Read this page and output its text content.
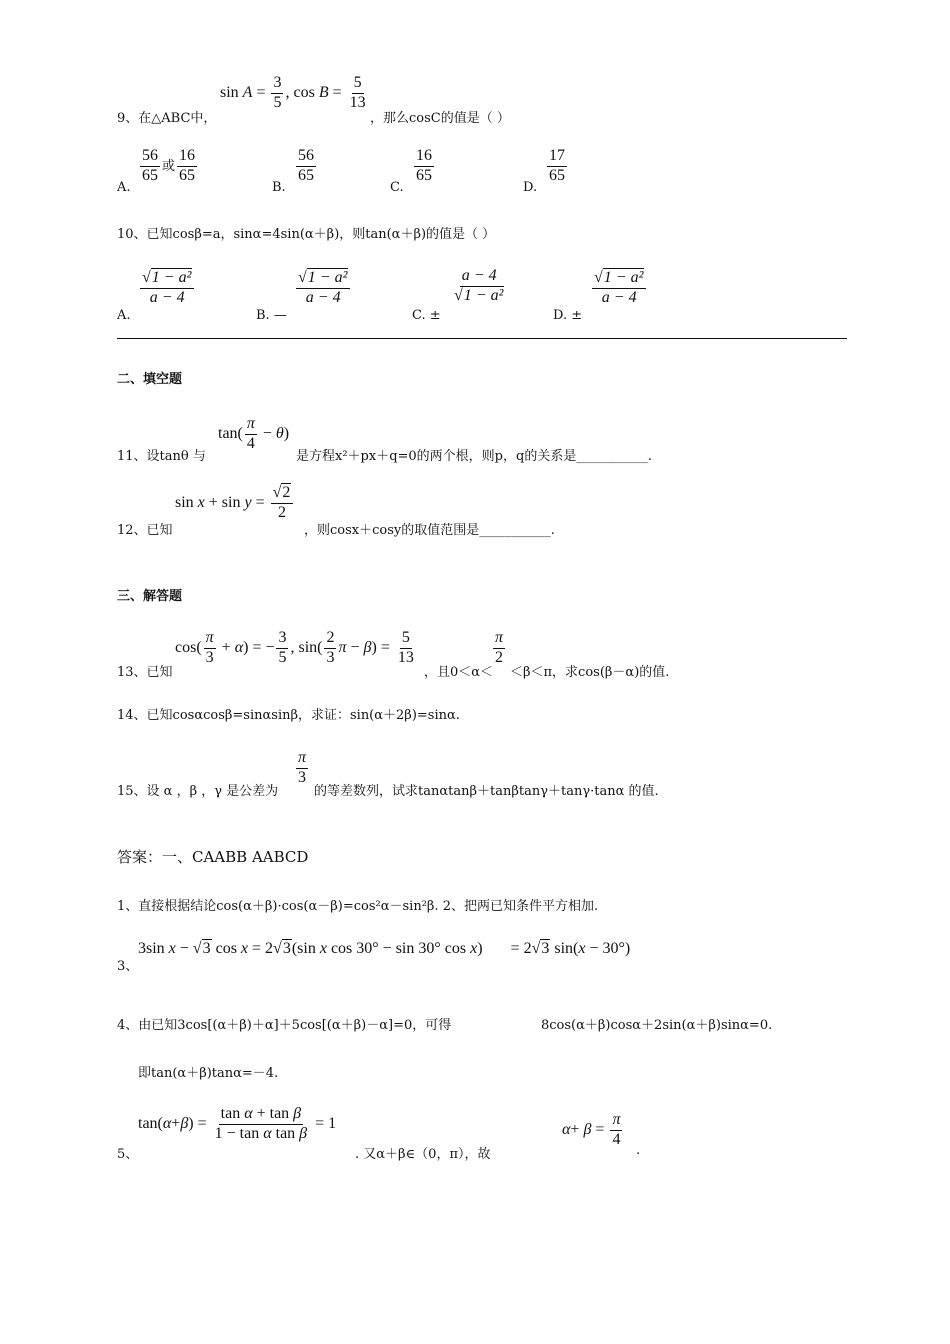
9、在△ABC中，
$\sin A = \frac{3}{5}$ , $\cos B = \frac{5}{13}$
，那么cosC的值是（ ）
A.
$\frac{56}{65}$ 或 $\frac{16}{65}$
B.
$\frac{56}{65}$
C.
$\frac{16}{65}$
D.
$\frac{17}{65}$
10、已知cosβ=a，sinα=4sin(α＋β)，则tan(α＋β)的值是（ ）
A.
$\frac{\text{√1 − a²}}{a - 4}$
B. —
$\frac{\text{√1 − a²}}{a - 4}$
C. ±
$\frac{a - 4}{\text{√1 − a²}}$
D. ±
$\frac{\text{√1 − a²}}{a - 4}$
二、填空题
11、设tanθ 与
$\tan( \frac{\pi}{4} - \theta)$
是方程x²＋px＋q=0的两个根，则p，q的关系是___________.
12、已知
$\sin x + \sin y = \frac{√2}{2}$
，则cosx＋cosy的取值范围是___________.
三、解答题
13、已知
$\cos( \frac{\pi}{3} + \alpha)$ = − $\frac{3}{5}$ , $\sin( \frac{2}{3}$ $\pi - \beta) = \frac{5}{13}$
，且0＜α＜
$\frac{\pi}{2}$
＜β＜π，求cos(β－α)的值.
14、已知cosαcosβ=sinαsinβ，求证：sin(α＋2β)=sinα.
15、设 α ，β ，γ 是公差为
$\frac{\pi}{3}$
的等差数列，试求tanαtanβ＋tanβtanγ＋tanγ·tanα 的值.
答案：一、CAABB AABCD
1、直接根据结论cos(α＋β)·cos(α－β)=cos²α－sin²β. 2、把两已知条件平方相加.
3、
3sin x − √3 cos x = 2√3(sin x cos 30° − sin 30° cos x) = 2√3 sin(x − 30°)
4、由已知3cos[(α＋β)＋α]＋5cos[(α＋β)－α]=0，可得	8cos(α＋β)cosα＋2sin(α＋β)sinα=0.
即tan(α＋β)tanα=－4.
5、
$\tan(\alpha+\beta) = \frac{\text{tan α + tan β}}{\text{1 − tan α tan β}} = 1$
. 又α＋β∈（0，π），故
$\alpha+ \beta = \frac{\pi}{4}$
.
